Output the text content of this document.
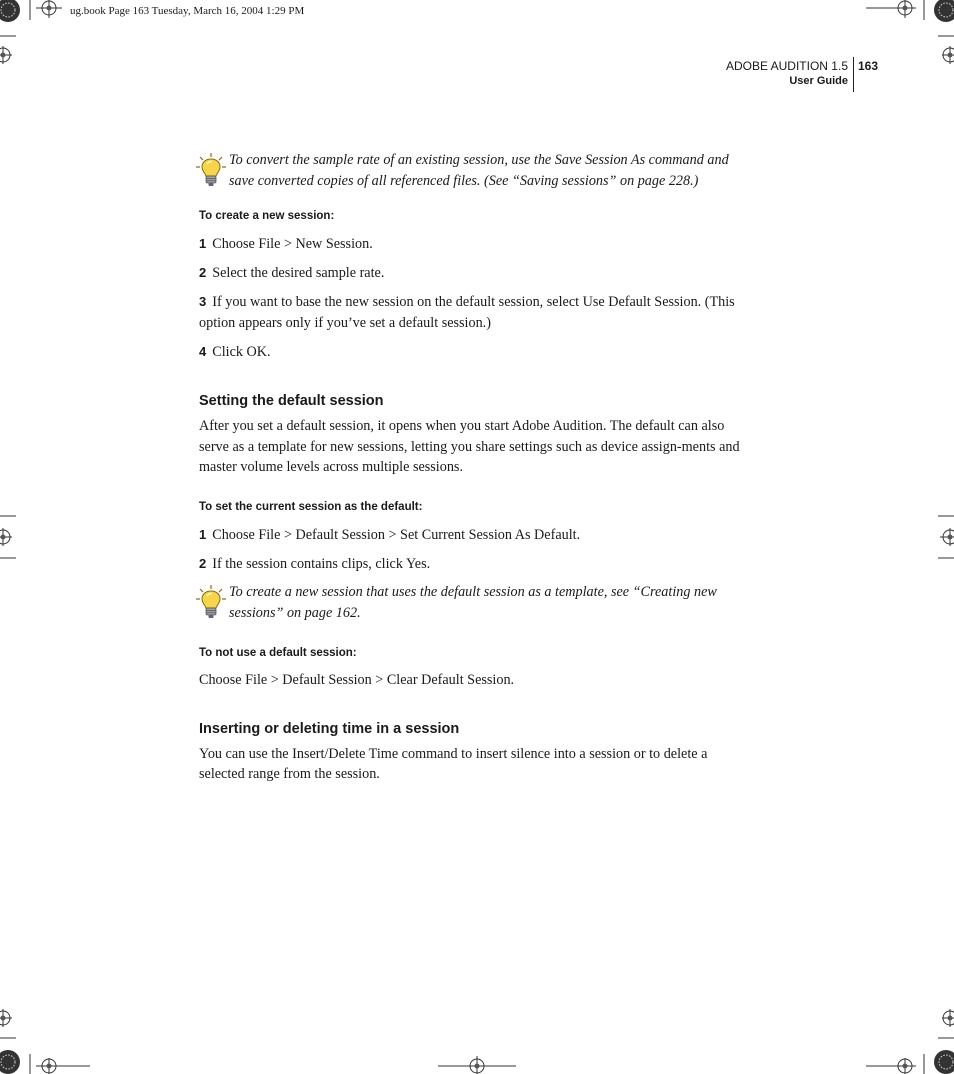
ug.book Page 163 Tuesday, March 16, 2004 1:29 PM
ADOBE AUDITION 1.5
User Guide
163
To convert the sample rate of an existing session, use the Save Session As command and save converted copies of all referenced files. (See “Saving sessions” on page 228.)
To create a new session:
1 Choose File > New Session.
2 Select the desired sample rate.
3 If you want to base the new session on the default session, select Use Default Session. (This option appears only if you’ve set a default session.)
4 Click OK.
Setting the default session
After you set a default session, it opens when you start Adobe Audition. The default can also serve as a template for new sessions, letting you share settings such as device assign-ments and master volume levels across multiple sessions.
To set the current session as the default:
1 Choose File > Default Session > Set Current Session As Default.
2 If the session contains clips, click Yes.
To create a new session that uses the default session as a template, see “Creating new sessions” on page 162.
To not use a default session:
Choose File > Default Session > Clear Default Session.
Inserting or deleting time in a session
You can use the Insert/Delete Time command to insert silence into a session or to delete a selected range from the session.
